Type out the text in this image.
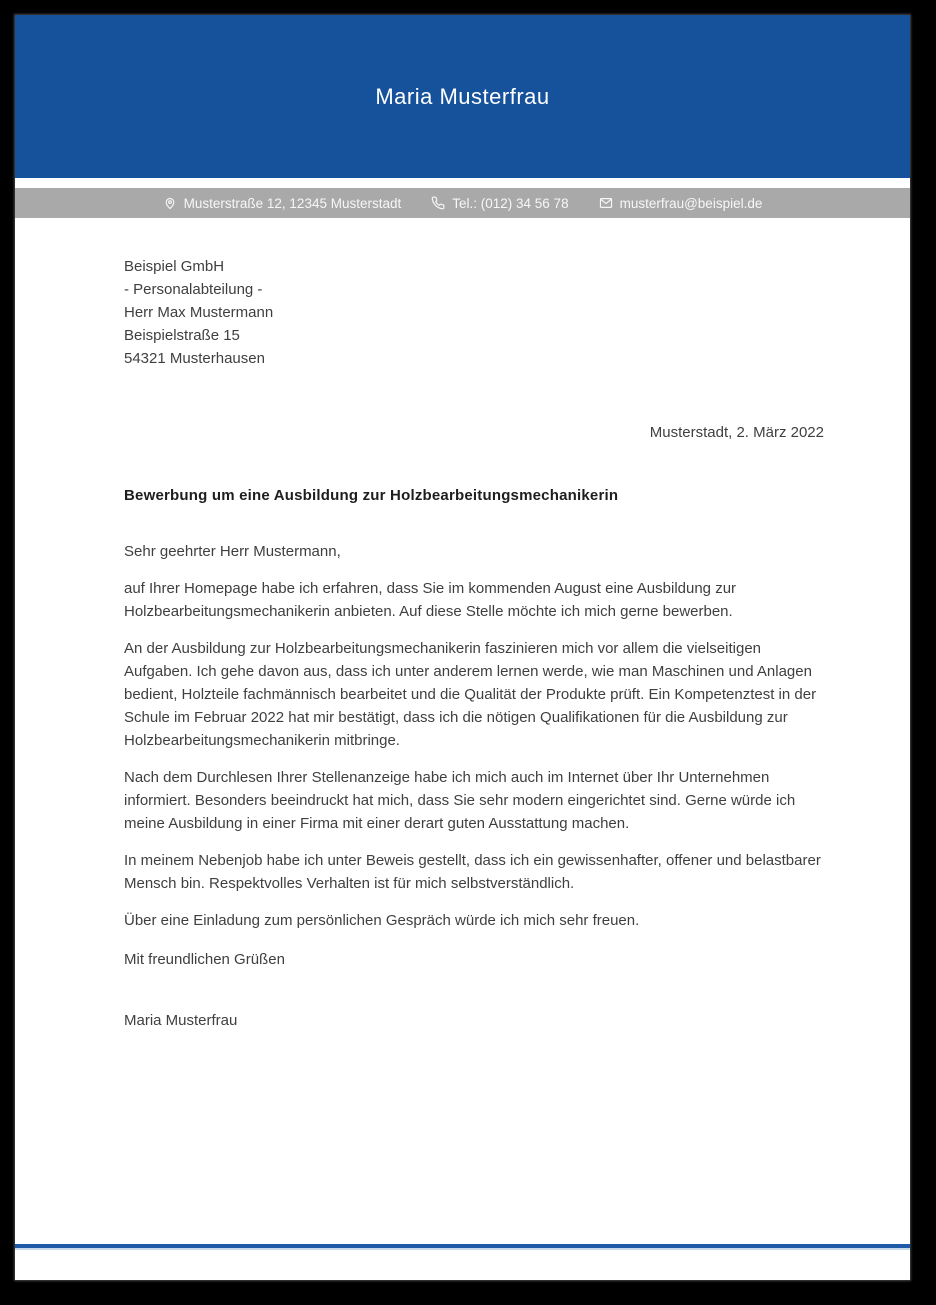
Maria Musterfrau
Musterstraße 12, 12345 Musterstadt	Tel.: (012) 34 56 78	musterfrau@beispiel.de
Beispiel GmbH
- Personalabteilung -
Herr Max Mustermann
Beispielstraße 15
54321 Musterhausen
Musterstadt, 2. März 2022
Bewerbung um eine Ausbildung zur Holzbearbeitungsmechanikerin

Sehr geehrter Herr Mustermann,

auf Ihrer Homepage habe ich erfahren, dass Sie im kommenden August eine Ausbildung zur Holzbearbeitungsmechanikerin anbieten. Auf diese Stelle möchte ich mich gerne bewerben.

An der Ausbildung zur Holzbearbeitungsmechanikerin faszinieren mich vor allem die vielseitigen Aufgaben. Ich gehe davon aus, dass ich unter anderem lernen werde, wie man Maschinen und Anlagen bedient, Holzteile fachmännisch bearbeitet und die Qualität der Produkte prüft. Ein Kompetenztest in der Schule im Februar 2022 hat mir bestätigt, dass ich die nötigen Qualifikationen für die Ausbildung zur Holzbearbeitungsmechanikerin mitbringe.

Nach dem Durchlesen Ihrer Stellenanzeige habe ich mich auch im Internet über Ihr Unternehmen informiert. Besonders beeindruckt hat mich, dass Sie sehr modern eingerichtet sind. Gerne würde ich meine Ausbildung in einer Firma mit einer derart guten Ausstattung machen.

In meinem Nebenjob habe ich unter Beweis gestellt, dass ich ein gewissenhafter, offener und belastbarer Mensch bin. Respektvolles Verhalten ist für mich selbstverständlich.

Über eine Einladung zum persönlichen Gespräch würde ich mich sehr freuen.

Mit freundlichen Grüßen

Maria Musterfrau
